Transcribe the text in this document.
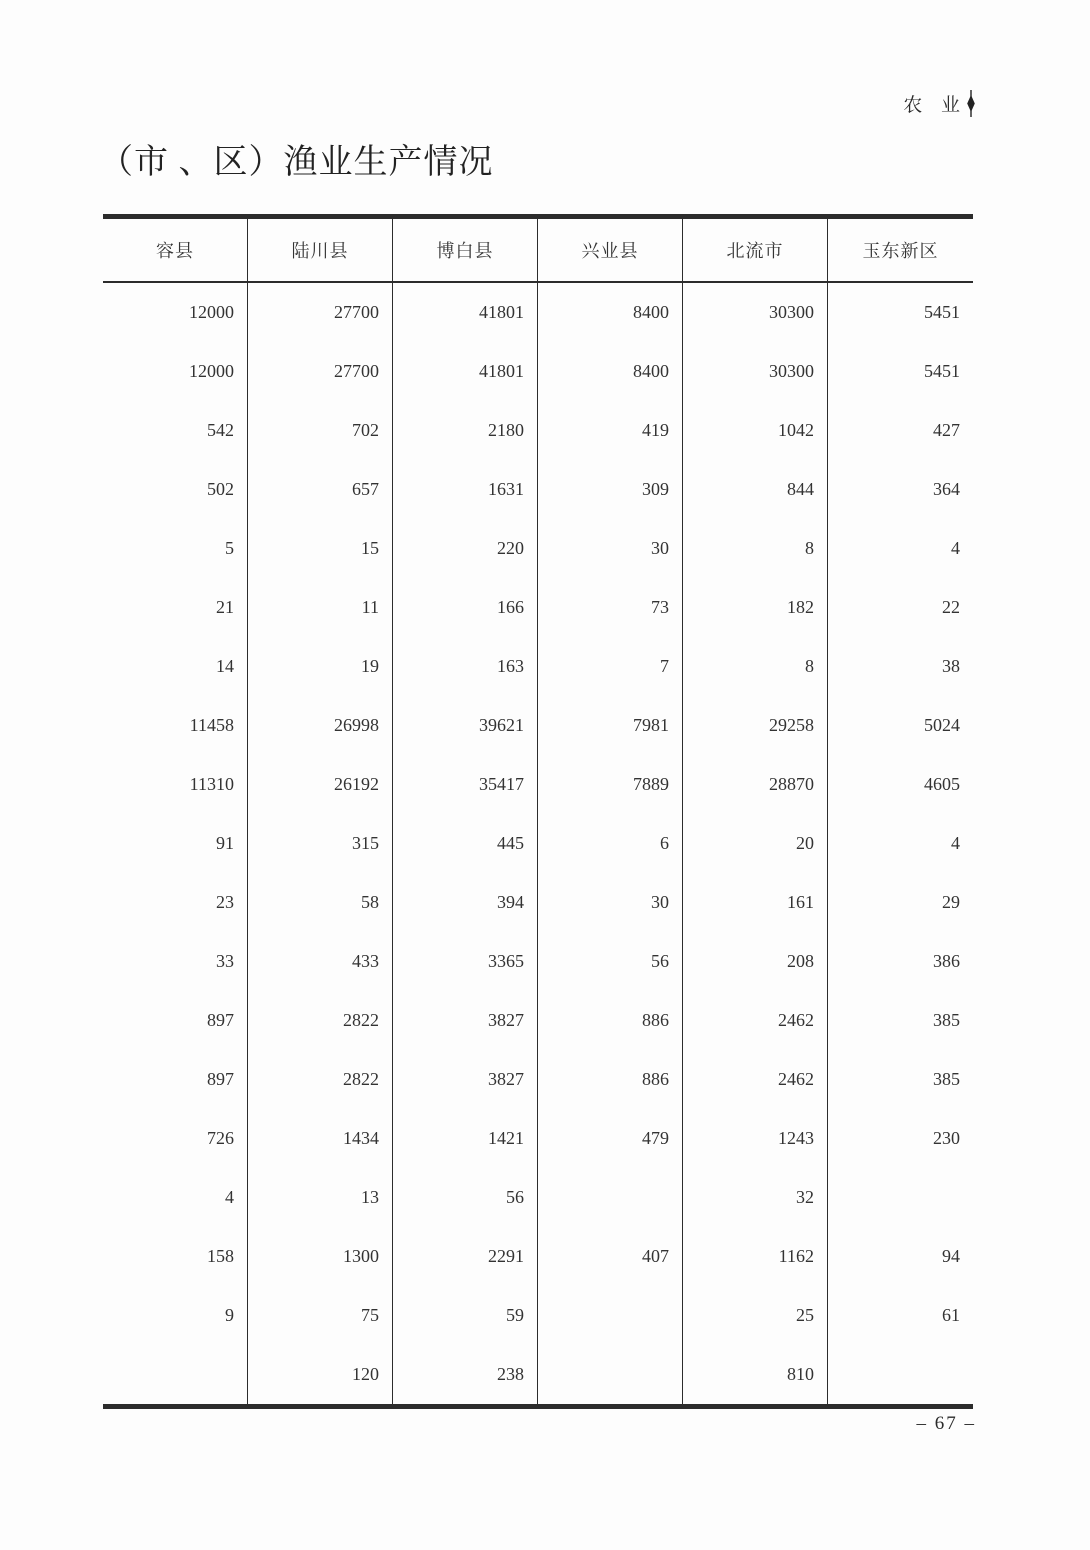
农 业
（市 、区）渔业生产情况
容县	陆川县	博白县	兴业县	北流市	玉东新区
12000	27700	41801	8400	30300	5451
12000	27700	41801	8400	30300	5451
542	702	2180	419	1042	427
502	657	1631	309	844	364
5	15	220	30	8	4
21	11	166	73	182	22
14	19	163	7	8	38
11458	26998	39621	7981	29258	5024
11310	26192	35417	7889	28870	4605
91	315	445	6	20	4
23	58	394	30	161	29
33	433	3365	56	208	386
897	2822	3827	886	2462	385
897	2822	3827	886	2462	385
726	1434	1421	479	1243	230
4	13	56		32	
158	1300	2291	407	1162	94
9	75	59		25	61
	120	238		810	
– 67 –
